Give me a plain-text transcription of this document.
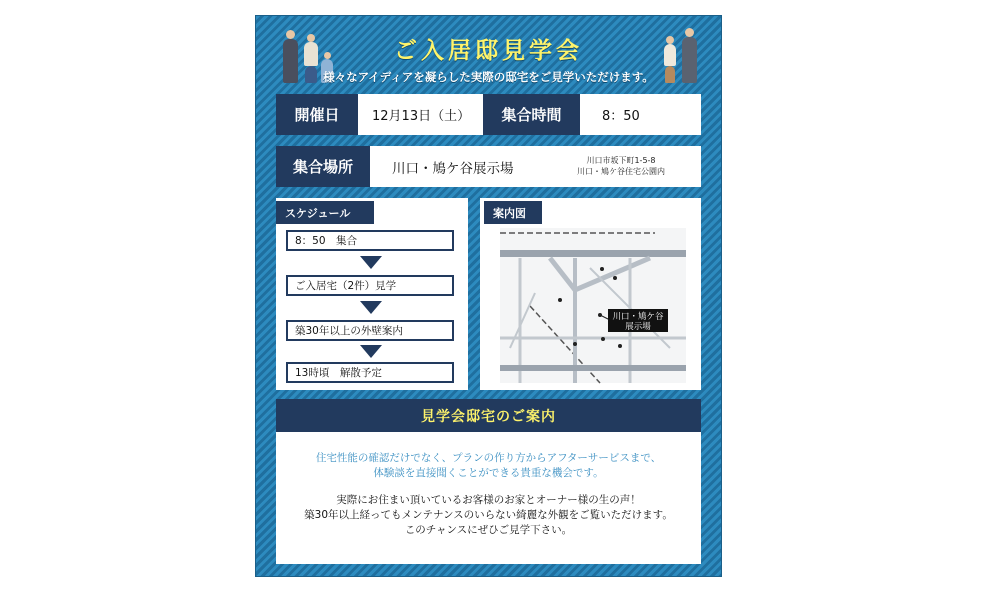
ご入居邸見学会
様々なアイディアを凝らした実際の邸宅をご見学いただけます。
開催日	12月13日（土）	集合時間	8：50
集合場所	川口・鳩ケ谷展示場	川口市坂下町1-5-8
川口・鳩ケ谷住宅公園内
スケジュール
8：50　集合
ご入居宅（2件）見学
築30年以上の外壁案内
13時頃　解散予定
案内図
川口・鳩ケ谷
展示場
見学会邸宅のご案内
住宅性能の確認だけでなく、プランの作り方からアフターサービスまで、
体験談を直接聞くことができる貴重な機会です。
実際にお住まい頂いているお客様のお家とオーナー様の生の声！
築30年以上経ってもメンテナンスのいらない綺麗な外観をご覧いただけます。
このチャンスにぜひご見学下さい。
